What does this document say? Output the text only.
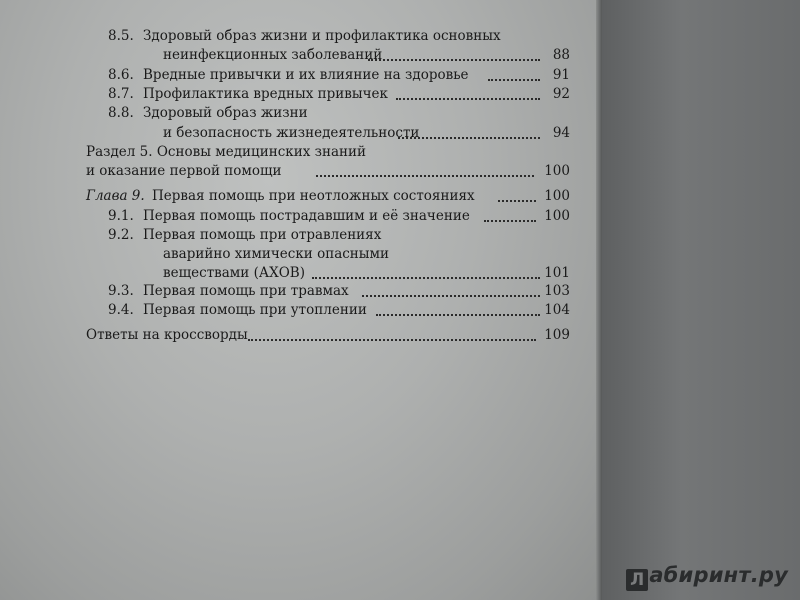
8.5. Здоровый образ жизни и профилактика основных
неинфекционных заболеваний	88
8.6. Вредные привычки и их влияние на здоровье	91
8.7. Профилактика вредных привычек	92
8.8. Здоровый образ жизни
и безопасность жизнедеятельности	94
Раздел 5. Основы медицинских знаний
и оказание первой помощи	100
Глава 9. Первая помощь при неотложных состояниях	100
9.1. Первая помощь пострадавшим и её значение	100
9.2. Первая помощь при отравлениях
аварийно химически опасными
веществами (АХОВ)	101
9.3. Первая помощь при травмах	103
9.4. Первая помощь при утоплении	104
Ответы на кроссворды	109
Л абиринт.ру
